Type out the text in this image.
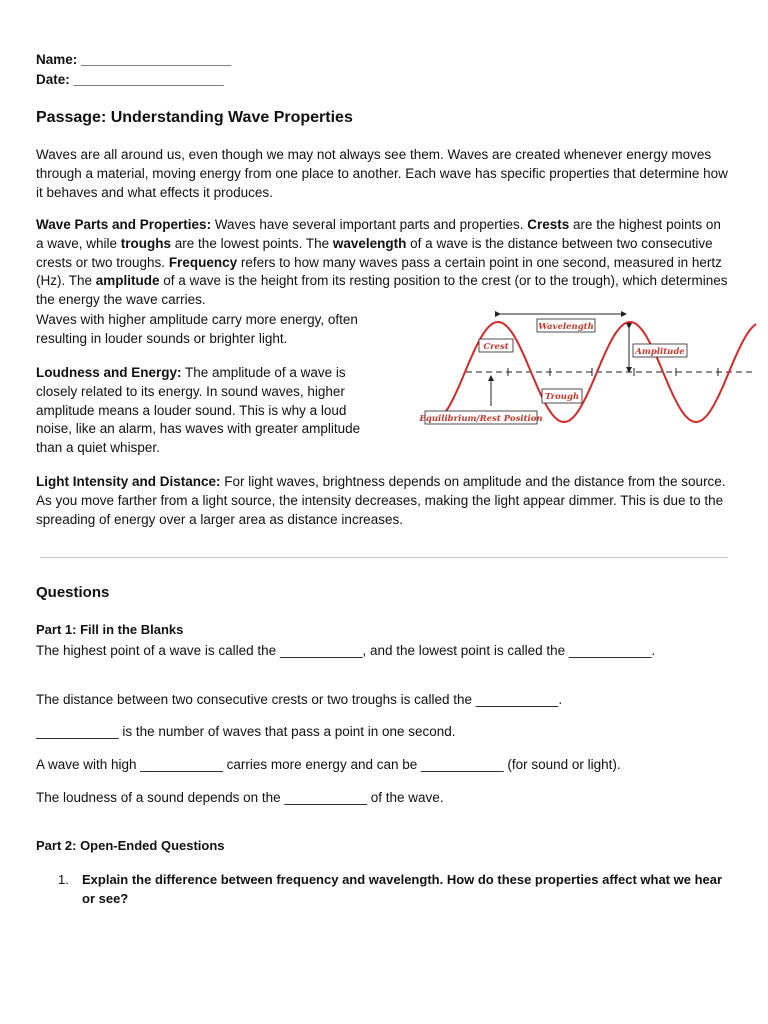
Name: ____________________
Date: ____________________
Passage: Understanding Wave Properties

Waves are all around us, even though we may not always see them. Waves are created whenever energy moves through a material, moving energy from one place to another. Each wave has specific properties that determine how it behaves and what effects it produces.

Wave Parts and Properties: Waves have several important parts and properties. Crests are the highest points on a wave, while troughs are the lowest points. The wavelength of a wave is the distance between two consecutive crests or two troughs. Frequency refers to how many waves pass a certain point in one second, measured in hertz (Hz). The amplitude of a wave is the height from its resting position to the crest (or to the trough), which determines the energy the wave carries.

Waves with higher amplitude carry more energy, often resulting in louder sounds or brighter light.

Loudness and Energy: The amplitude of a wave is closely related to its energy. In sound waves, higher amplitude means a louder sound. This is why a loud noise, like an alarm, has waves with greater amplitude than a quiet whisper.

Light Intensity and Distance: For light waves, brightness depends on amplitude and the distance from the source. As you move farther from a light source, the intensity decreases, making the light appear dimmer. This is due to the spreading of energy over a larger area as distance increases.

Wavelength
Crest	Amplitude
Trough
Equilibrium/Rest Position
Questions
Part 1: Fill in the Blanks
The highest point of a wave is called the ___________, and the lowest point is called the ___________.
The distance between two consecutive crests or two troughs is called the ___________.
___________ is the number of waves that pass a point in one second.
A wave with high ___________ carries more energy and can be ___________ (for sound or light).
The loudness of a sound depends on the ___________ of the wave.
Part 2: Open-Ended Questions
1. Explain the difference between frequency and wavelength. How do these properties affect what we hear or see?
